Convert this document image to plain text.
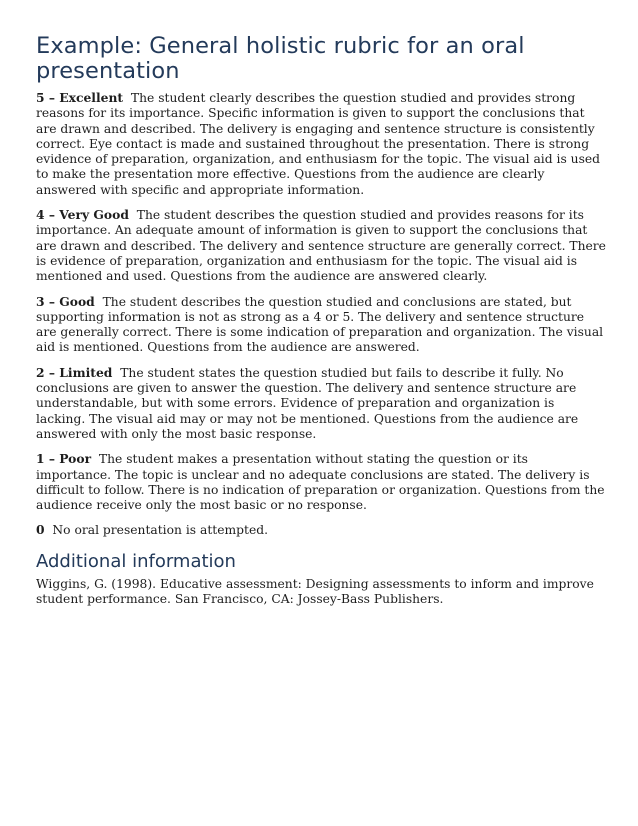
Example: General holistic rubric for an oral presentation

5 – Excellent The student clearly describes the question studied and provides strong reasons for its importance. Specific information is given to support the conclusions that are drawn and described. The delivery is engaging and sentence structure is consistently correct. Eye contact is made and sustained throughout the presentation. There is strong evidence of preparation, organization, and enthusiasm for the topic. The visual aid is used to make the presentation more effective. Questions from the audience are clearly answered with specific and appropriate information.

4 – Very Good The student describes the question studied and provides reasons for its importance. An adequate amount of information is given to support the conclusions that are drawn and described. The delivery and sentence structure are generally correct. There is evidence of preparation, organization and enthusiasm for the topic. The visual aid is mentioned and used. Questions from the audience are answered clearly.

3 – Good The student describes the question studied and conclusions are stated, but supporting information is not as strong as a 4 or 5. The delivery and sentence structure are generally correct. There is some indication of preparation and organization. The visual aid is mentioned. Questions from the audience are answered.

2 – Limited The student states the question studied but fails to describe it fully. No conclusions are given to answer the question. The delivery and sentence structure are understandable, but with some errors. Evidence of preparation and organization is lacking. The visual aid may or may not be mentioned. Questions from the audience are answered with only the most basic response.

1 – Poor The student makes a presentation without stating the question or its importance. The topic is unclear and no adequate conclusions are stated. The delivery is difficult to follow. There is no indication of preparation or organization. Questions from the audience receive only the most basic or no response.

0 No oral presentation is attempted.

Additional information

Wiggins, G. (1998). Educative assessment: Designing assessments to inform and improve student performance. San Francisco, CA: Jossey-Bass Publishers.
